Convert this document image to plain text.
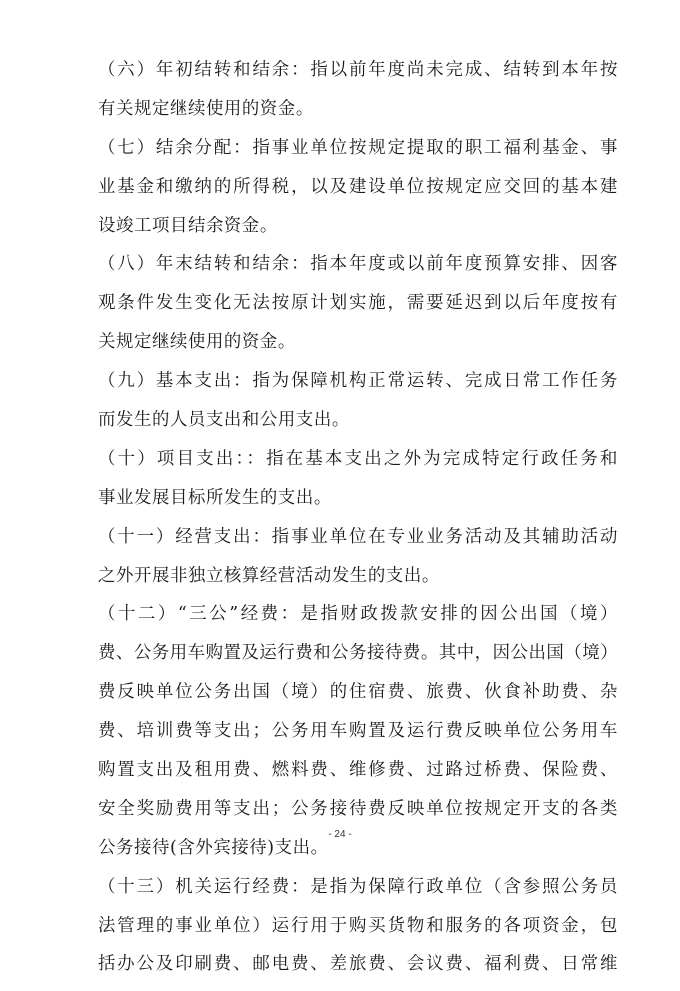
（六）年初结转和结余：指以前年度尚未完成、结转到本年按
有关规定继续使用的资金。
（七）结余分配：指事业单位按规定提取的职工福利基金、事
业基金和缴纳的所得税，以及建设单位按规定应交回的基本建
设竣工项目结余资金。
（八）年末结转和结余：指本年度或以前年度预算安排、因客
观条件发生变化无法按原计划实施，需要延迟到以后年度按有
关规定继续使用的资金。
（九）基本支出：指为保障机构正常运转、完成日常工作任务
而发生的人员支出和公用支出。
（十）项目支出：：指在基本支出之外为完成特定行政任务和
事业发展目标所发生的支出。
（十一）经营支出：指事业单位在专业业务活动及其辅助活动
之外开展非独立核算经营活动发生的支出。
（十二）“三公”经费：是指财政拨款安排的因公出国（境）
费、公务用车购置及运行费和公务接待费。其中，因公出国（境）
费反映单位公务出国（境）的住宿费、旅费、伙食补助费、杂
费、培训费等支出；公务用车购置及运行费反映单位公务用车
购置支出及租用费、燃料费、维修费、过路过桥费、保险费、
安全奖励费用等支出；公务接待费反映单位按规定开支的各类
公务接待(含外宾接待)支出。
（十三）机关运行经费：是指为保障行政单位（含参照公务员
法管理的事业单位）运行用于购买货物和服务的各项资金，包
括办公及印刷费、邮电费、差旅费、会议费、福利费、日常维
- 24 -
